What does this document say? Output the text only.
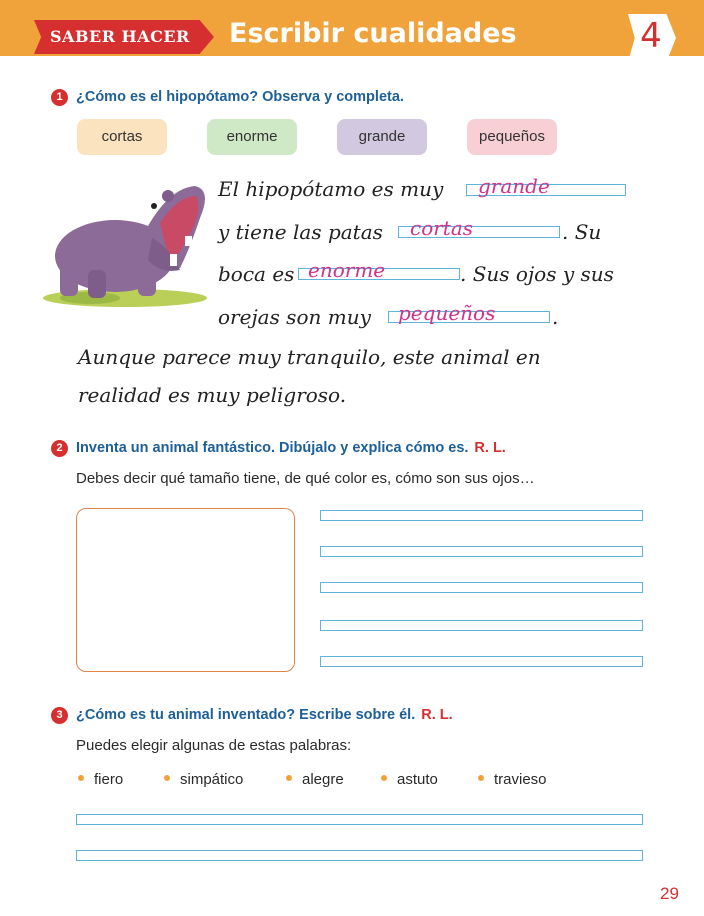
SABER HACER Escribir cualidades	4
1 ¿Cómo es el hipopótamo? Observa y completa.
cortas	enorme	grande	pequeños
El hipopótamo es muy grande
y tiene las patas cortas	. Su
boca es enorme	. Sus ojos y sus
orejas son muy pequeños	.
Aunque parece muy tranquilo, este animal en
realidad es muy peligroso.
2 Inventa un animal fantástico. Dibújalo y explica cómo es. R. L.
Debes decir qué tamaño tiene, de qué color es, cómo son sus ojos…
3 ¿Cómo es tu animal inventado? Escribe sobre él. R. L.
Puedes elegir algunas de estas palabras:
fiero	simpático	alegre	astuto	travieso
29
